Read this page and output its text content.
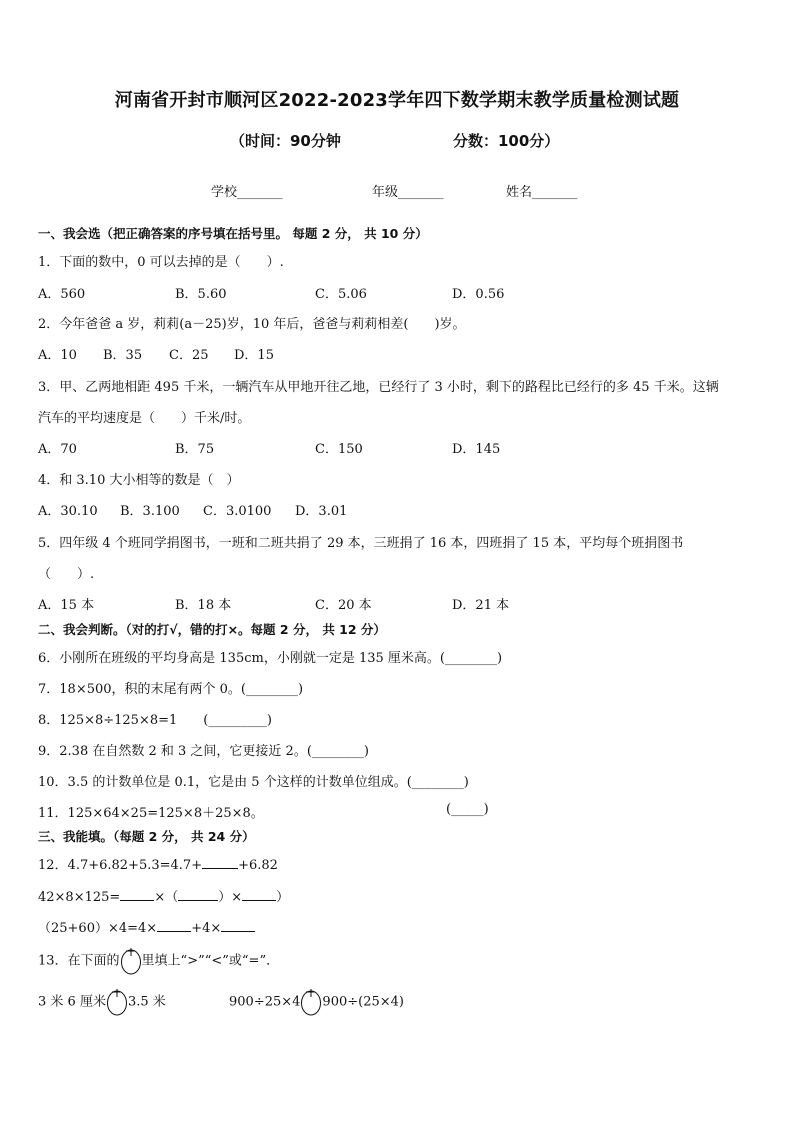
河南省开封市顺河区2022-2023学年四下数学期末教学质量检测试题
（时间：90分钟	分数：100分）
学校_______	年级_______	姓名_______
一、我会选（把正确答案的序号填在括号里。 每题 2 分， 共 10 分）
1．下面的数中，0 可以去掉的是（　　）.
A．560	B．5.60	C．5.06	D．0.56
2．今年爸爸 a 岁，莉莉(a－25)岁，10 年后，爸爸与莉莉相差(　　)岁。
A．10 B．35 C．25 D．15
3．甲、乙两地相距 495 千米，一辆汽车从甲地开往乙地，已经行了 3 小时，剩下的路程比已经行的多 45 千米。这辆
汽车的平均速度是（　　）千米/时。
A．70	B．75	C．150	D．145
4．和 3.10 大小相等的数是（　）
A．30.10 B．3.100 C．3.0100 D．3.01
5．四年级 4 个班同学捐图书，一班和二班共捐了 29 本，三班捐了 16 本，四班捐了 15 本，平均每个班捐图书
（　　）.
A．15 本	B．18 本	C．20 本	D．21 本
二、我会判断。（对的打√，错的打×。每题 2 分， 共 12 分）
6．小刚所在班级的平均身高是 135cm，小刚就一定是 135 厘米高。(________)
7．18×500，积的末尾有两个 0。(________)
8．125×8÷125×8=1　　(_________)
9．2.38 在自然数 2 和 3 之间，它更接近 2。(________)
10．3.5 的计数单位是 0.1，它是由 5 个这样的计数单位组成。(________)
11．125×64×25=125×8＋25×8。	(_____)
三、我能填。（每题 2 分， 共 24 分）
12．4.7+6.82+5.3=4.7+	+6.82
42×8×125=	×（	）×	）
（25+60）×4=4×	+4×
13．在下面的 里填上“>”“<”或“=”．
3 米 6 厘米 3.5 米	900÷25×4 900÷(25×4)
